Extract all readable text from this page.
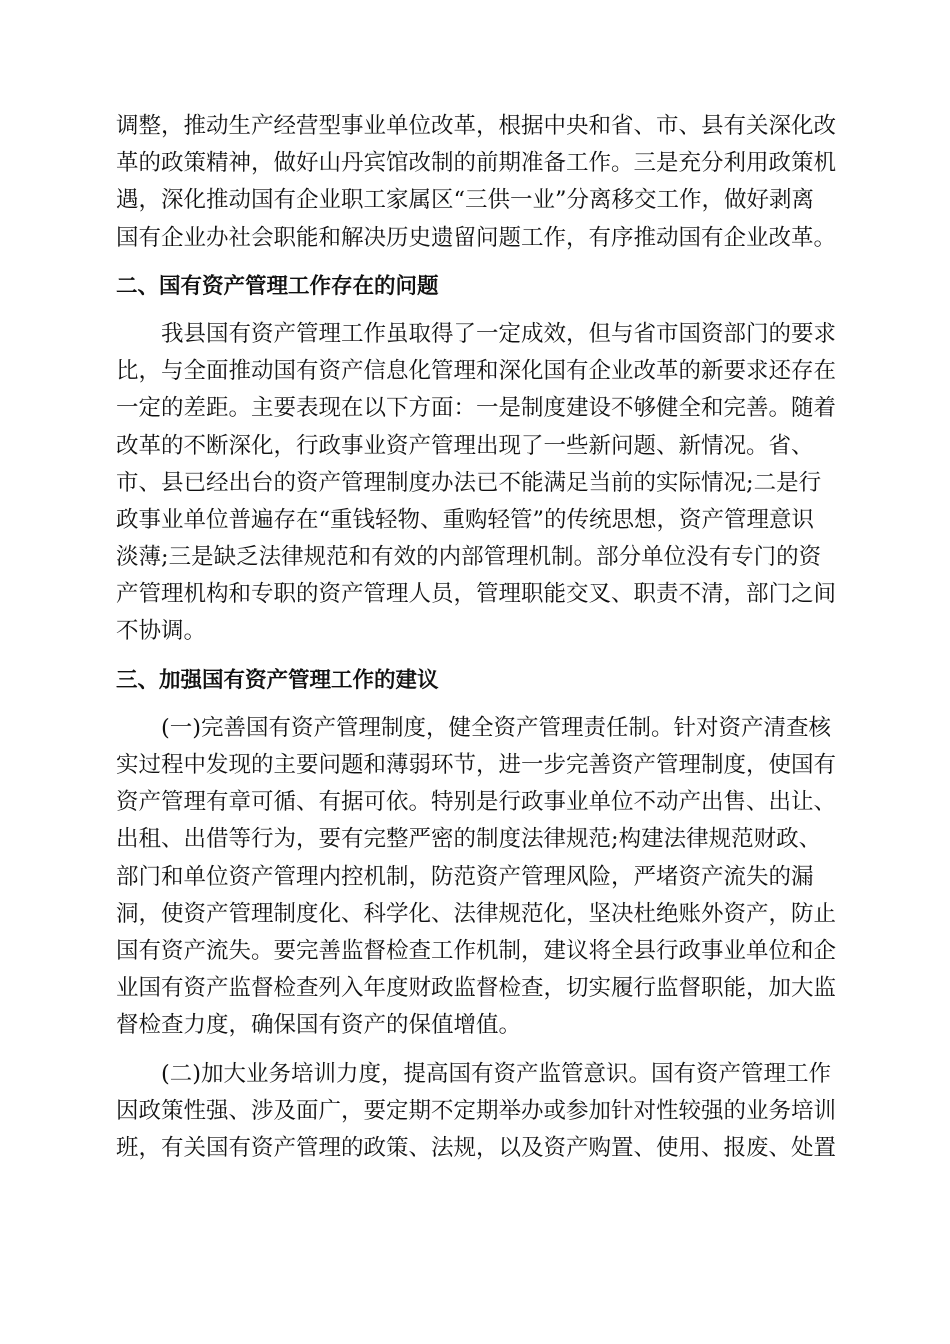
调整，推动生产经营型事业单位改革，根据中央和省、市、县有关深化改
革的政策精神，做好山丹宾馆改制的前期准备工作。三是充分利用政策机
遇，深化推动国有企业职工家属区“三供一业”分离移交工作，做好剥离
国有企业办社会职能和解决历史遗留问题工作，有序推动国有企业改革。
二、国有资产管理工作存在的问题
　　我县国有资产管理工作虽取得了一定成效，但与省市国资部门的要求
比，与全面推动国有资产信息化管理和深化国有企业改革的新要求还存在
一定的差距。主要表现在以下方面：一是制度建设不够健全和完善。随着
改革的不断深化，行政事业资产管理出现了一些新问题、新情况。省、
市、县已经出台的资产管理制度办法已不能满足当前的实际情况;二是行
政事业单位普遍存在“重钱轻物、重购轻管”的传统思想，资产管理意识
淡薄;三是缺乏法律规范和有效的内部管理机制。部分单位没有专门的资
产管理机构和专职的资产管理人员，管理职能交叉、职责不清，部门之间
不协调。
三、加强国有资产管理工作的建议
　　(一)完善国有资产管理制度，健全资产管理责任制。针对资产清查核
实过程中发现的主要问题和薄弱环节，进一步完善资产管理制度，使国有
资产管理有章可循、有据可依。特别是行政事业单位不动产出售、出让、
出租、出借等行为，要有完整严密的制度法律规范;构建法律规范财政、
部门和单位资产管理内控机制，防范资产管理风险，严堵资产流失的漏
洞，使资产管理制度化、科学化、法律规范化，坚决杜绝账外资产，防止
国有资产流失。要完善监督检查工作机制，建议将全县行政事业单位和企
业国有资产监督检查列入年度财政监督检查，切实履行监督职能，加大监
督检查力度，确保国有资产的保值增值。
　　(二)加大业务培训力度，提高国有资产监管意识。国有资产管理工作
因政策性强、涉及面广，要定期不定期举办或参加针对性较强的业务培训
班，有关国有资产管理的政策、法规，以及资产购置、使用、报废、处置
